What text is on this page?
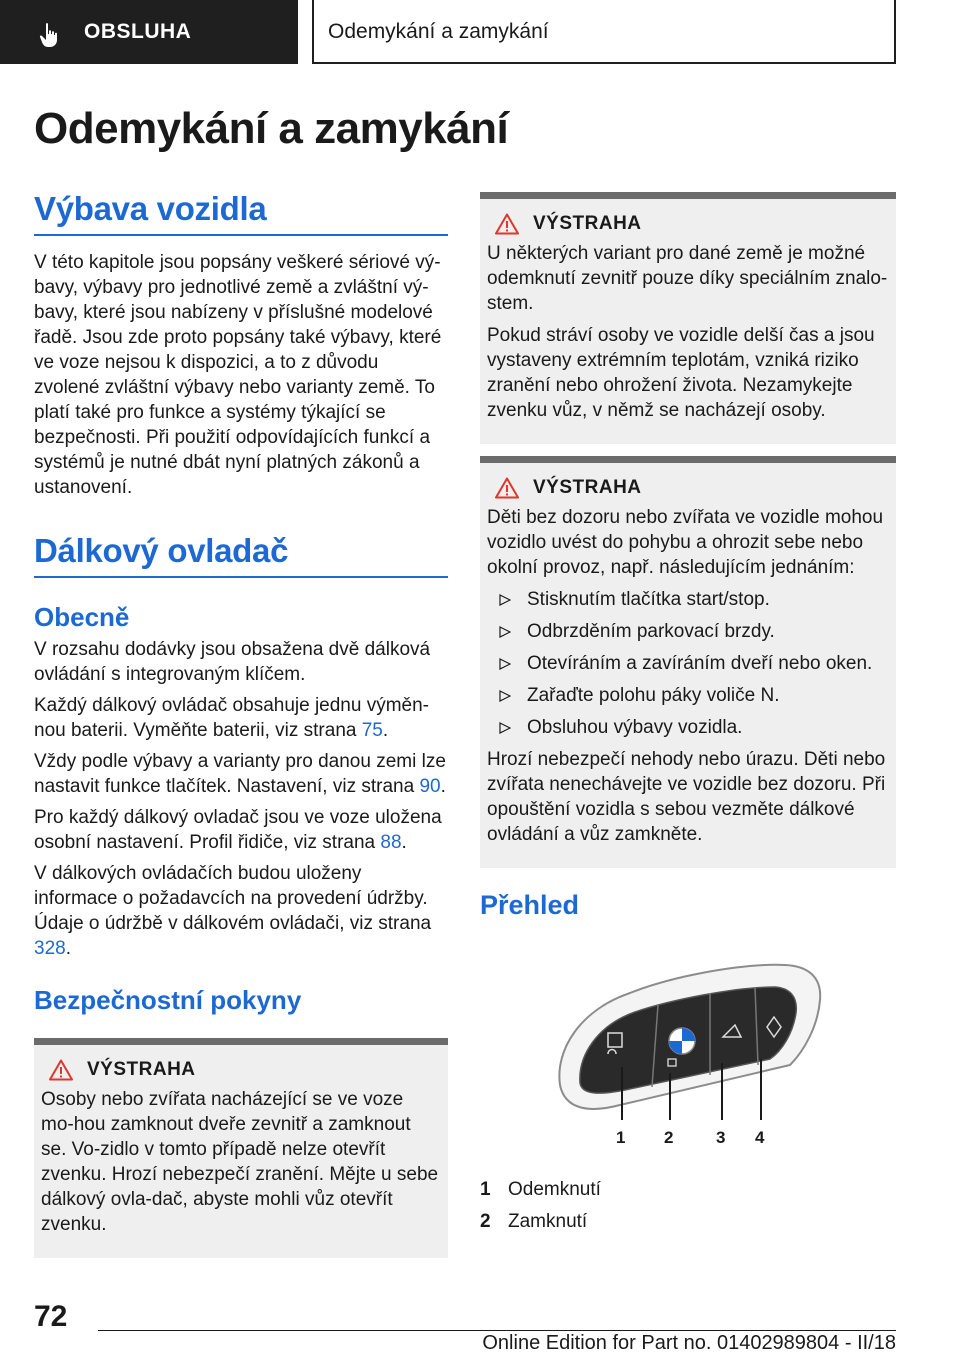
OBSLUHA	Odemykání a zamykání
Odemykání a zamykání
Výbava vozidla

V této kapitole jsou popsány veškeré sériové vý‐bavy, výbavy pro jednotlivé země a zvláštní vý‐bavy, které jsou nabízeny v příslušné modelové řadě. Jsou zde proto popsány také výbavy, které ve voze nejsou k dispozici, a to z důvodu zvolené zvláštní výbavy nebo varianty země. To platí také pro funkce a systémy týkající se bezpečnosti. Při použití odpovídajících funkcí a systémů je nutné dbát nyní platných zákonů a ustanovení.

Dálkový ovladač
Obecně

V rozsahu dodávky jsou obsažena dvě dálková ovládání s integrovaným klíčem.

Každý dálkový ovládač obsahuje jednu výměn‐nou baterii. Vyměňte baterii, viz strana 75.

Vždy podle výbavy a varianty pro danou zemi lze nastavit funkce tlačítek. Nastavení, viz strana 90.

Pro každý dálkový ovladač jsou ve voze uložena osobní nastavení. Profil řidiče, viz strana 88.

V dálkových ovládačích budou uloženy informace o požadavcích na provedení údržby. Údaje o údržbě v dálkovém ovládači, viz strana 328.

Bezpečnostní pokyny
VÝSTRAHA

Osoby nebo zvířata nacházející se ve voze mo‐hou zamknout dveře zevnitř a zamknout se. Vo‐zidlo v tomto případě nelze otevřít zvenku. Hrozí nebezpečí zranění. Mějte u sebe dálkový ovla‐dač, abyste mohli vůz otevřít zvenku.

VÝSTRAHA

U některých variant pro dané země je možné odemknutí zevnitř pouze díky speciálním znalo‐stem.

Pokud stráví osoby ve vozidle delší čas a jsou vystaveny extrémním teplotám, vzniká riziko zranění nebo ohrožení života. Nezamykejte zvenku vůz, v němž se nacházejí osoby.

VÝSTRAHA

Děti bez dozoru nebo zvířata ve vozidle mohou vozidlo uvést do pohybu a ohrozit sebe nebo okolní provoz, např. následujícím jednáním:

Stisknutím tlačítka start/stop.
Odbrzděním parkovací brzdy.
Otevíráním a zavíráním dveří nebo oken.
Zařaďte polohu páky voliče N.
Obsluhou výbavy vozidla.

Hrozí nebezpečí nehody nebo úrazu. Děti nebo zvířata nenechávejte ve vozidle bez dozoru. Při opouštění vozidla s sebou vezměte dálkové ovládání a vůz zamkněte.

Přehled
1 2	3 4
1 Odemknutí
2 Zamknutí
72
Online Edition for Part no. 01402989804 - II/18
